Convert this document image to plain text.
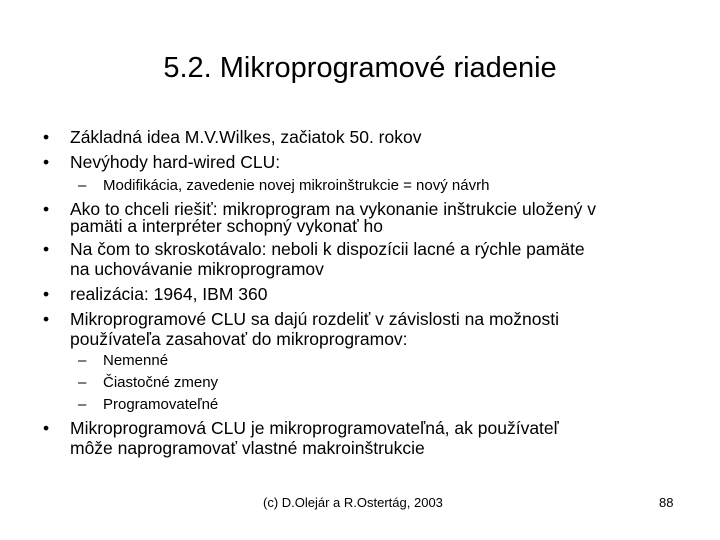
5.2. Mikroprogramové riadenie
• Základná idea M.V.Wilkes, začiatok 50. rokov
• Nevýhody hard-wired CLU:
– Modifikácia, zavedenie novej mikroinštrukcie = nový návrh
• Ako to chceli riešiť: mikroprogram na vykonanie inštrukcie uložený v
pamäti a interpréter schopný vykonať ho
• Na čom to skroskotávalo: neboli k dispozícii lacné a rýchle pamäte
na uchovávanie mikroprogramov
• realizácia: 1964, IBM 360
• Mikroprogramové CLU sa dajú rozdeliť v závislosti na možnosti
používateľa zasahovať do mikroprogramov:
– Nemenné
– Čiastočné zmeny
– Programovateľné
• Mikroprogramová CLU je mikroprogramovateľná, ak používateľ
môže naprogramovať vlastné makroinštrukcie
(c) D.Olejár a R.Ostertág, 2003	88
